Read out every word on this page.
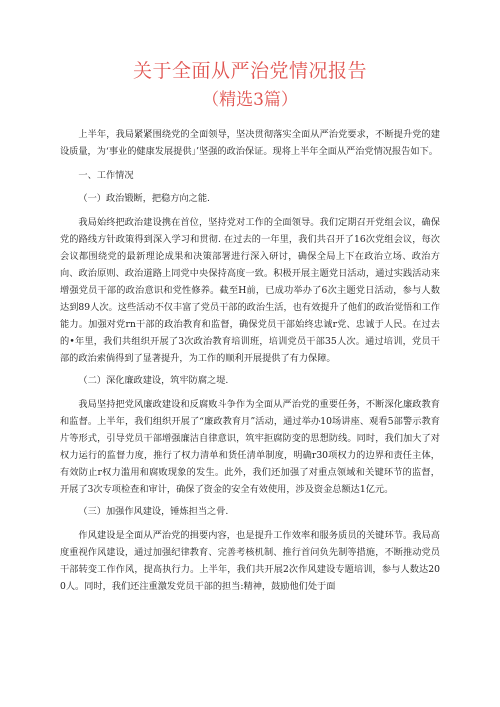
关于全面从严治党情况报告
（精选3篇）

上半年，我局紧紧围绕党的全面领导，坚决贯彻落实全面从严治党要求，不断提升党的建设质量，为‘事业的健康发展提供」’坚强的政治保证。现将上半年全面从严治党情况报告如下。

一、工作情况

（一）政治锻断，把稳方向之能.

我局始终把政治建设携在首位，坚持党对工作的全面领导。我们定期召开党组会议，确保党的路线方针政策得到深入学习和贯彻. 在过去的一年里，我们共召开了16次党组会议，每次会议都围绕党的最新理论成果和决策部署进行深入研讨，确保全局上下在政治立场、政治方向、政治原则、政治道路上同党中央保持高度一致。积极开展主题党日活动，通过实践活动来增强党员干部的政治意识和党性修养。截至H前，已成功举办了6次主题党日活动，参与人数达到89人次。这些活动不仅丰富了党员干部的政治生活，也有效提升了他们的政治觉悟和工作能力。加强对党rn干部的政治教育和监督，确保党员干部始终忠诚r党、忠诚于人民。在过去的•年里，我们共组织开展了3次政治教育培训班，培训党员干部35人次。通过培训，党员干部的政治索倘得到了显著提升，为工作的顺利开展提供了有力保障。

（二）深化廉政建设，筑牢防腐之堤.

我局坚持把党风廉政建设和反腐败斗争作为全面从严治党的重要任务，不断深化廉政教育和监督。上半年，我们组织开展了“廉政教育月”活动，通过举办10场讲座、观看5部警示教育片等形式，引导党员干部增强廉洁自律意识，筑牢拒腐防变的思想防线。同时，我们加大了对权力运行的监督力度，推行了权力清单和货任清单制度，明确r30项权力的边界和责任主体，有效防止r权力滥用和腐败现象的发生。此外，我们还加强了对重点领域和关键环节的监督，开展了3次专项检查和审计，确保了资金的安全有效使用，涉及资金总额达1亿元。

（三）加强作风建设，锤炼担当之骨.

作风建设是全面从严治党的揖要内容，也是提升工作效率和服务质员的关键环节。我局高度重视作风建设，通过加强纪律教育、完善考核机制、推行首问负先制等措施，不断推动党员干部转变工作作风，提高执行力。上半年，我们共开展2次作风建设专题培训，参与人数达200人。同时，我们还注重激发党员干部的担当:精神，鼓励他们处于面
